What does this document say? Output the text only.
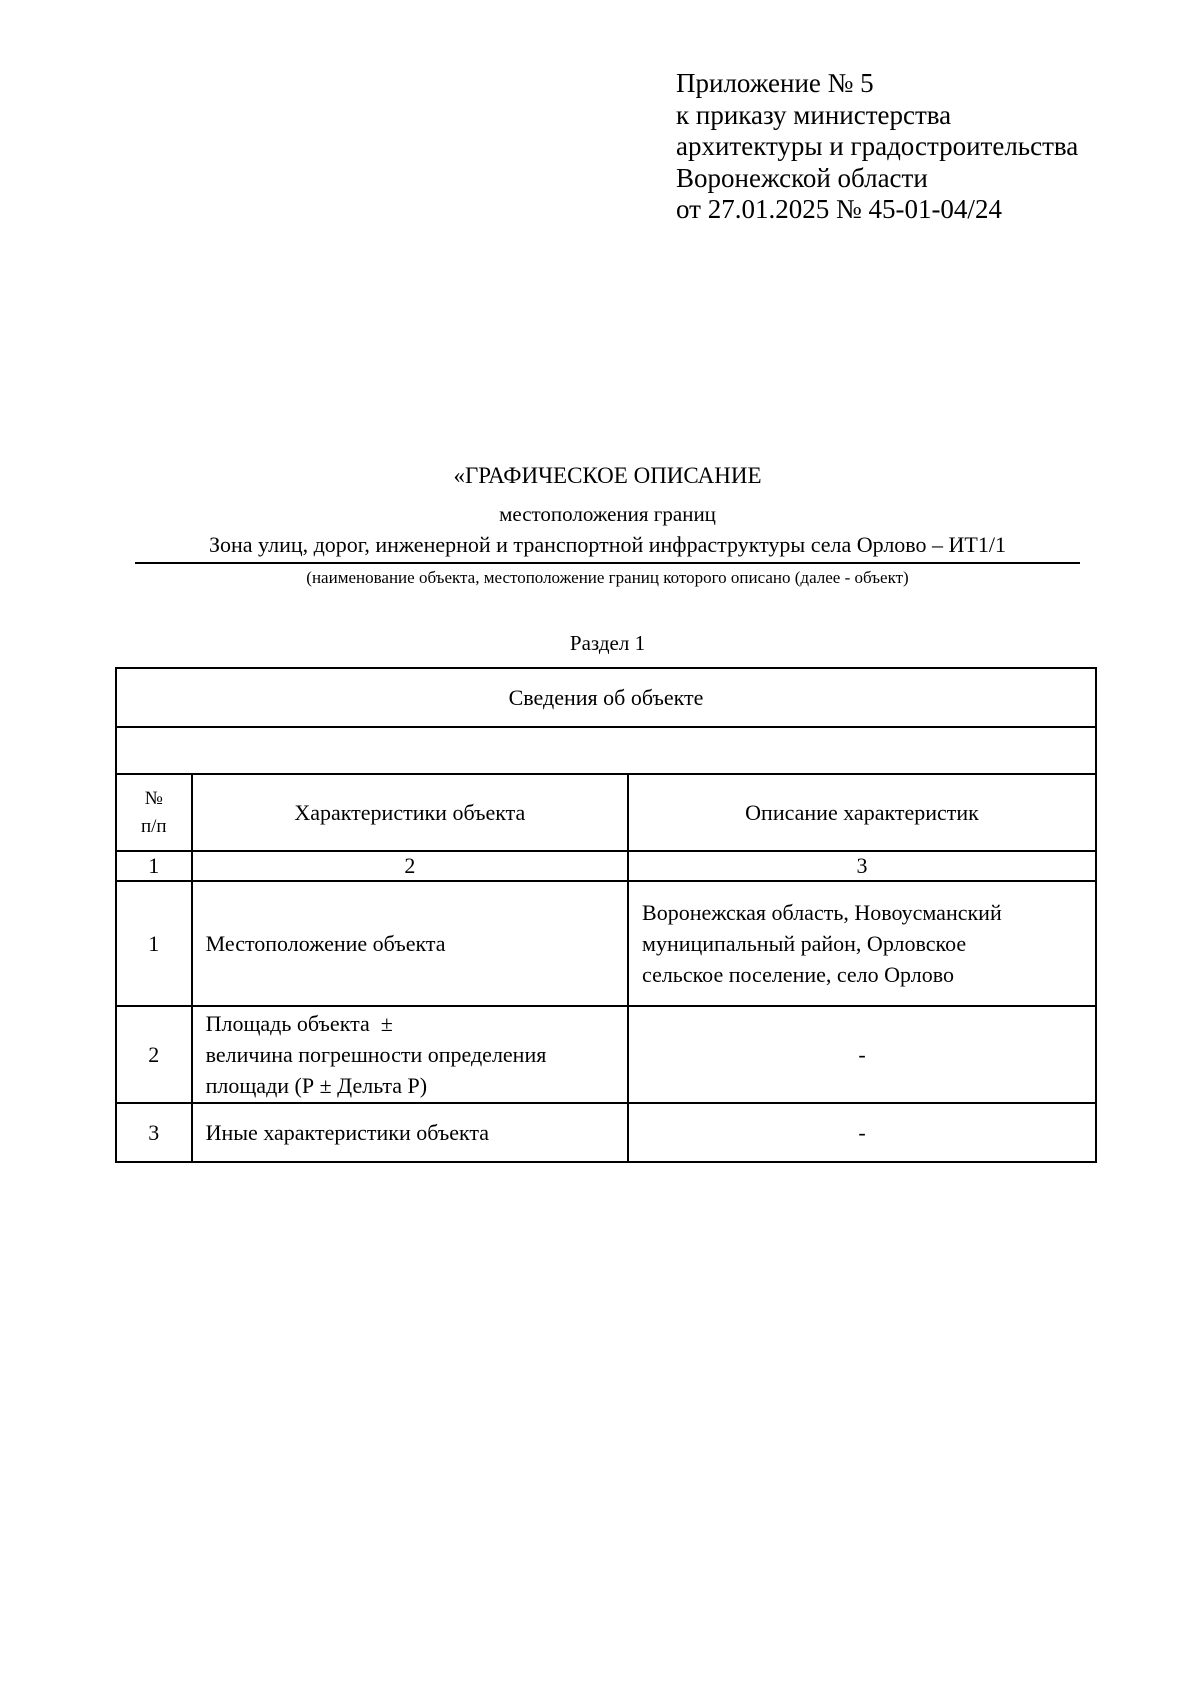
Приложение № 5
к приказу министерства
архитектуры и градостроительства
Воронежской области
от 27.01.2025 № 45-01-04/24
«ГРАФИЧЕСКОЕ ОПИСАНИЕ
местоположения границ
Зона улиц, дорог, инженерной и транспортной инфраструктуры села Орлово – ИТ1/1
(наименование объекта, местоположение границ которого описано (далее - объект)
Раздел 1
Сведения об объекте		

№
п/п	Характеристики объекта	Описание характеристик
1	2	3
1	Местоположение объекта	Воронежская область, Новоусманский
муниципальный район, Орловское
сельское поселение, село Орлово

2	Площадь объекта  ±
величина погрешности определения
площади (Р ± Дельта Р)	-
3	Иные характеристики объекта	-
